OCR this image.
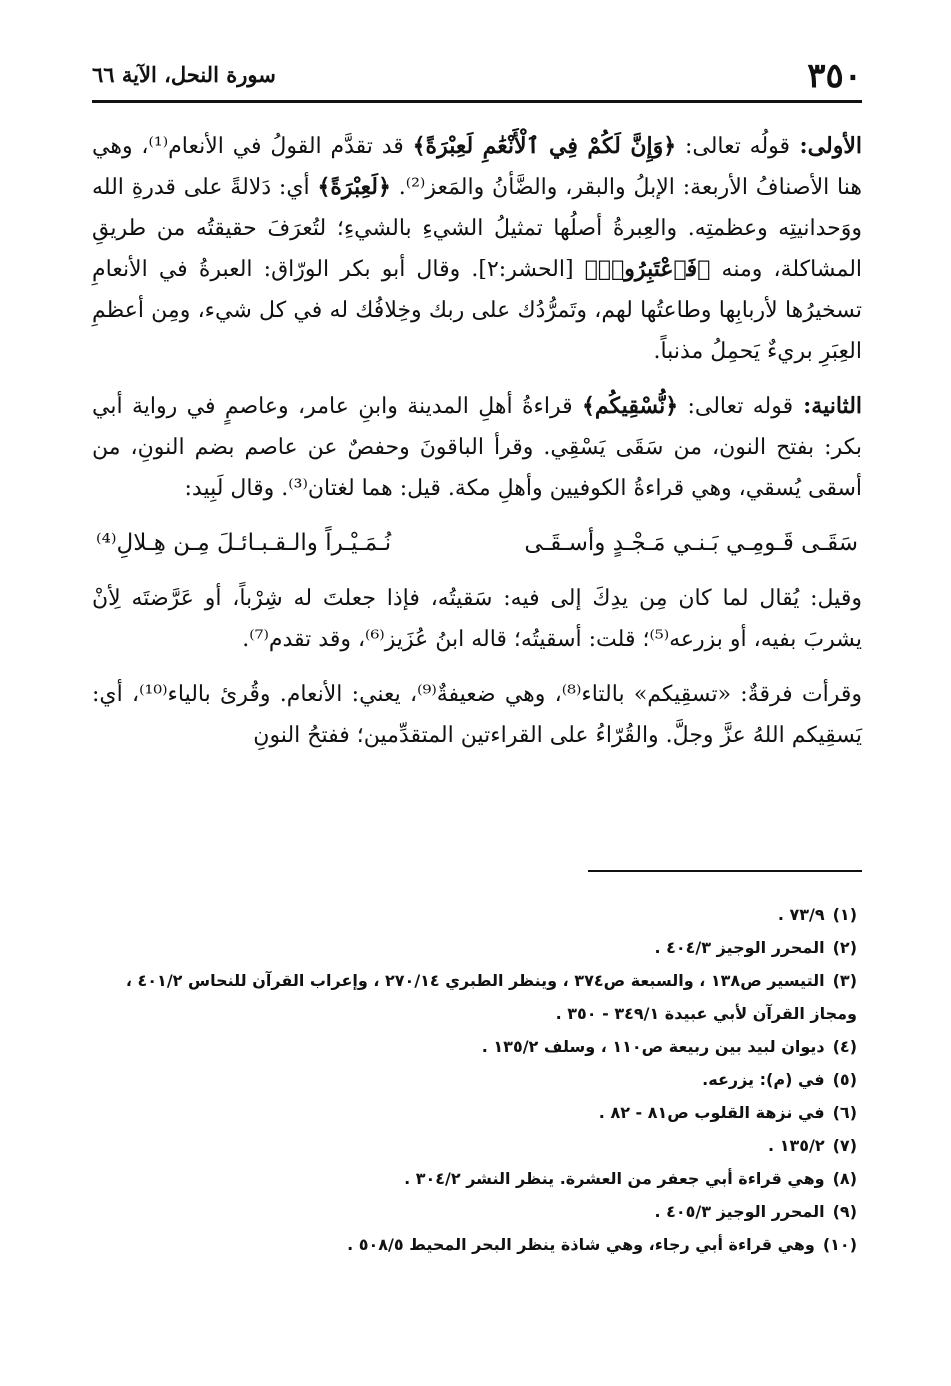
٣٥٠
سورة النحل، الآية ٦٦

الأولى: قولُه تعالى: ﴿وَإِنَّ لَكُمْ فِي ٱلْأَنْعَٰمِ لَعِبْرَةً﴾ قد تقدَّم القولُ في الأنعام⁽¹⁾، وهي هنا الأصنافُ الأربعة: الإبلُ والبقر، والضَّأنُ والمَعز⁽²⁾. ﴿لَعِبْرَةً﴾ أي: دَلالةً على قدرةِ الله ووَحدانيتِه وعظمتِه. والعِبرةُ أصلُها تمثيلُ الشيءِ بالشيءِ؛ لتُعرَفَ حقيقتُه من طريقِ المشاكلة، ومنه ﴿فَٱعْتَبِرُوا۟﴾ [الحشر:٢]. وقال أبو بكر الورّاق: العبرةُ في الأنعامِ تسخيرُها لأربابِها وطاعتُها لهم، وتَمرُّدُك على ربك وخِلافُك له في كل شيء، ومِن أعظمِ العِبَرِ بريءٌ يَحمِلُ مذنباً.

الثانية: قوله تعالى: ﴿نُّسْقِيكُم﴾ قراءةُ أهلِ المدينة وابنِ عامر، وعاصمٍ في رواية أبي بكر: بفتح النون، من سَقَى يَسْقِي. وقرأ الباقونَ وحفصٌ عن عاصم بضم النونِ، من أسقى يُسقي، وهي قراءةُ الكوفيين وأهلِ مكة. قيل: هما لغتان⁽³⁾. وقال لَبِيد:

سَقَـى قَـومِـي بَـنـي مَـجْـدٍ وأسـقَـى
نُـمَـيْـراً والـقـبـائـلَ مِـن هِـلالِ⁽⁴⁾

وقيل: يُقال لما كان مِن يدِكَ إلى فيه: سَقيتُه، فإذا جعلتَ له شِرْباً، أو عَرَّضتَه لِأنْ يشربَ بفيه، أو بزرعه⁽⁵⁾؛ قلت: أسقيتُه؛ قاله ابنُ عُزَيز⁽⁶⁾، وقد تقدم⁽⁷⁾.

وقرأت فرقةٌ: «تسقِيكم» بالتاء⁽⁸⁾، وهي ضعيفةٌ⁽⁹⁾، يعني: الأنعام. وقُرئ بالياء⁽¹⁰⁾، أي: يَسقِيكم اللهُ عزَّ وجلَّ. والقُرّاءُ على القراءتين المتقدِّمين؛ ففتحُ النونِ

(١)٧٣/٩ .

(٢)المحرر الوجيز ٤٠٤/٣ .

(٣)التيسير ص١٣٨ ، والسبعة ص٣٧٤ ، وينظر الطبري ٢٧٠/١٤ ، وإعراب القرآن للنحاس ٤٠١/٢ ، ومجاز القرآن لأبي عبيدة ٣٤٩/١ - ٣٥٠ .

(٤)ديوان لبيد بين ربيعة ص١١٠ ، وسلف ١٣٥/٢ .

(٥)في (م): يزرعه.

(٦)في نزهة القلوب ص٨١ - ٨٢ .

(٧)١٣٥/٢ .

(٨)وهي قراءة أبي جعفر من العشرة. ينظر النشر ٣٠٤/٢ .

(٩)المحرر الوجيز ٤٠٥/٣ .

(١٠)وهي قراءة أبي رجاء، وهي شاذة ينظر البحر المحيط ٥٠٨/٥ .
